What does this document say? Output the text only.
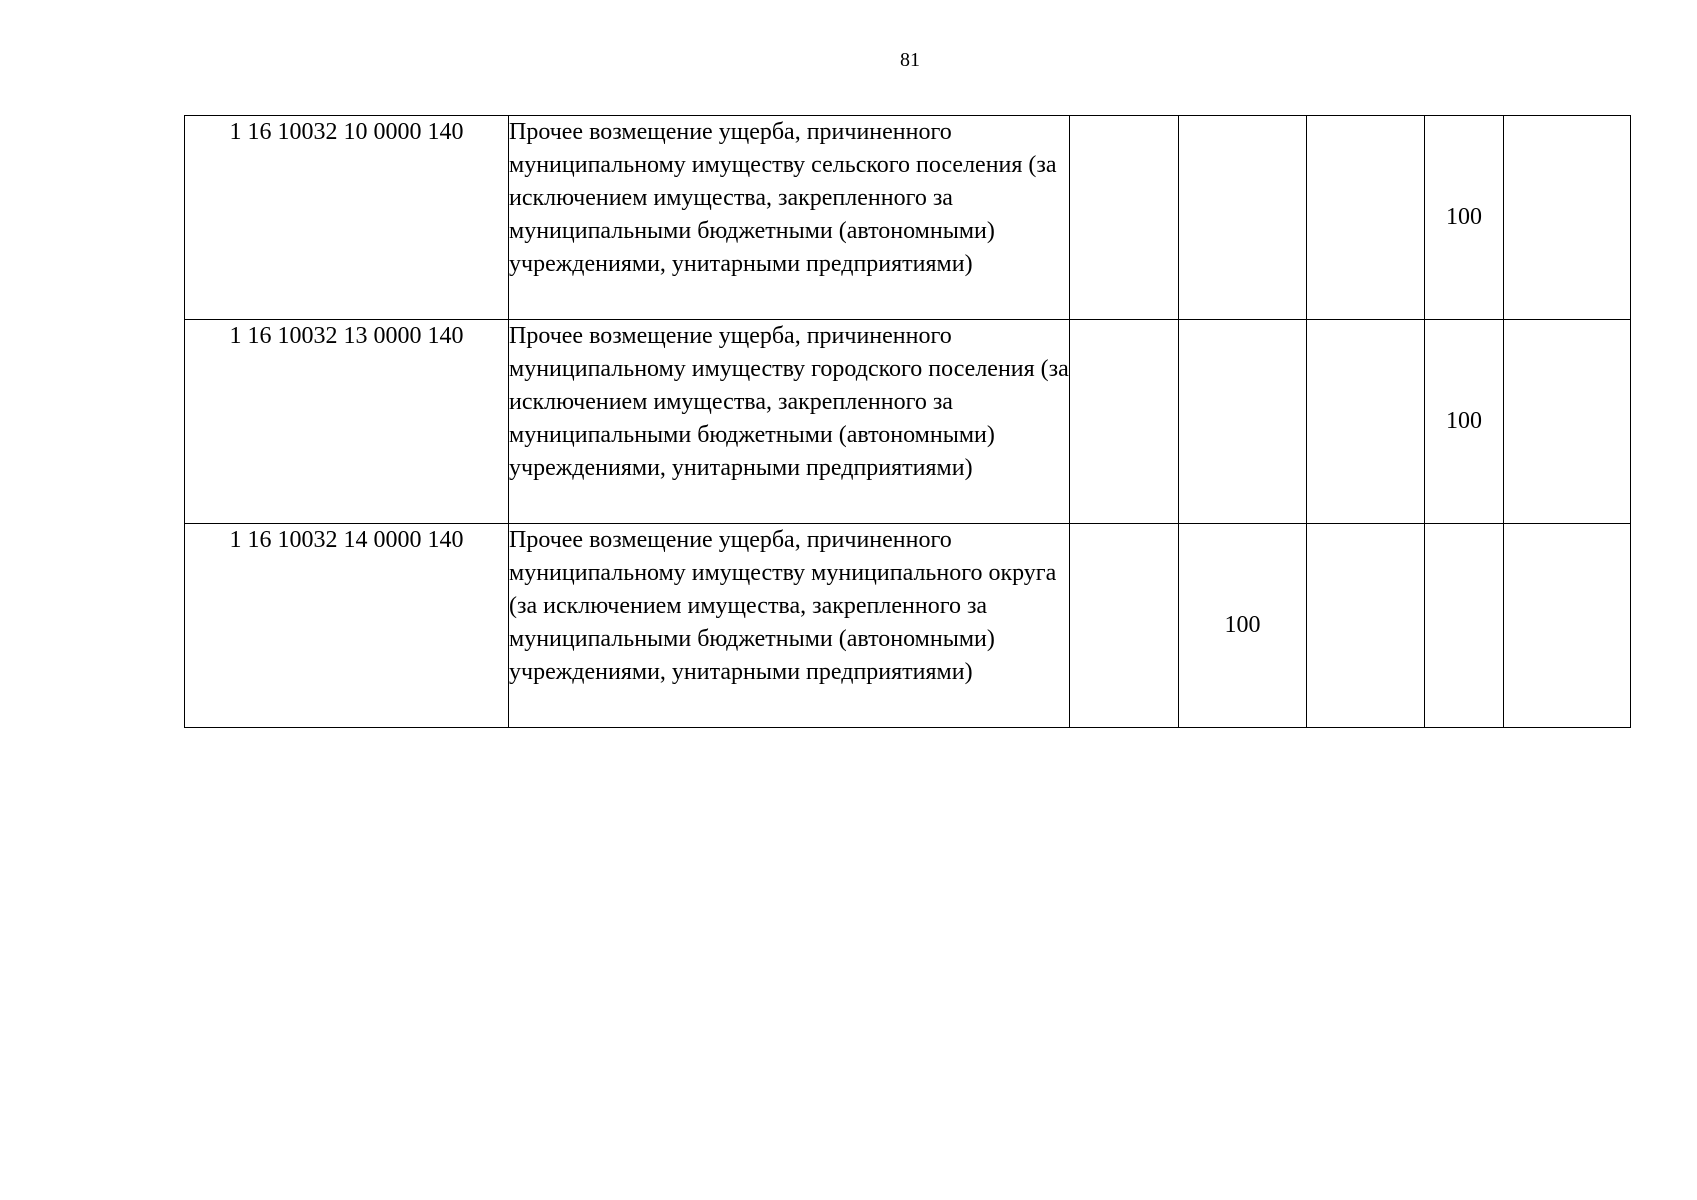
81
1 16 10032 10 0000 140	Прочее возмещение ущерба, причиненного муниципальному имуществу сельского поселения (за исключением имущества, закрепленного за муниципальными бюджетными (автономными) учреждениями, унитарными предприятиями)				100	
1 16 10032 13 0000 140	Прочее возмещение ущерба, причиненного муниципальному имуществу городского поселения (за исключением имущества, закрепленного за муниципальными бюджетными (автономными) учреждениями, унитарными предприятиями)				100	
1 16 10032 14 0000 140	Прочее возмещение ущерба, причиненного муниципальному имуществу муниципального округа (за исключением имущества, закрепленного за муниципальными бюджетными (автономными) учреждениями, унитарными предприятиями)		100			
